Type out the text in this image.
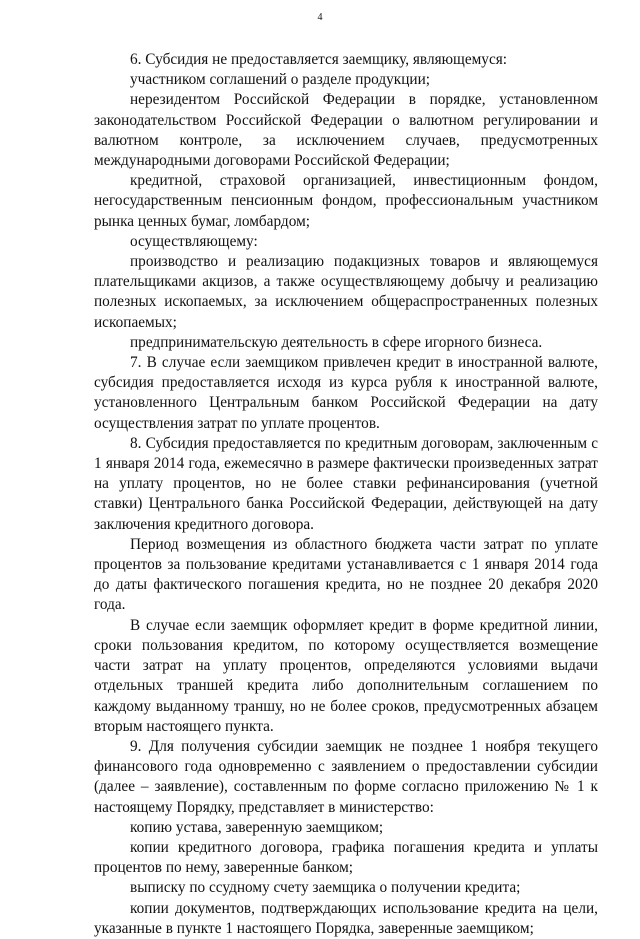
4

6. Субсидия не предоставляется заемщику, являющемуся:

участником соглашений о разделе продукции;

нерезидентом Российской Федерации в порядке, установленном законодательством Российской Федерации о валютном регулировании и валютном контроле, за исключением случаев, предусмотренных международными договорами Российской Федерации;

кредитной, страховой организацией, инвестиционным фондом, негосударственным пенсионным фондом, профессиональным участником рынка ценных бумаг, ломбардом;

осуществляющему:

производство и реализацию подакцизных товаров и являющемуся плательщиками акцизов, а также осуществляющему добычу и реализацию полезных ископаемых, за исключением общераспространенных полезных ископаемых;

предпринимательскую деятельность в сфере игорного бизнеса.

7. В случае если заемщиком привлечен кредит в иностранной валюте, субсидия предоставляется исходя из курса рубля к иностранной валюте, установленного Центральным банком Российской Федерации на дату осуществления затрат по уплате процентов.

8. Субсидия предоставляется по кредитным договорам, заключенным с 1 января 2014 года, ежемесячно в размере фактически произведенных затрат на уплату процентов, но не более ставки рефинансирования (учетной ставки) Центрального банка Российской Федерации, действующей на дату заключения кредитного договора.

Период возмещения из областного бюджета части затрат по уплате процентов за пользование кредитами устанавливается с 1 января 2014 года до даты фактического погашения кредита, но не позднее 20 декабря 2020 года.

В случае если заемщик оформляет кредит в форме кредитной линии, сроки пользования кредитом, по которому осуществляется возмещение части затрат на уплату процентов, определяются условиями выдачи отдельных траншей кредита либо дополнительным соглашением по каждому выданному траншу, но не более сроков, предусмотренных абзацем вторым настоящего пункта.

9. Для получения субсидии заемщик не позднее 1 ноября текущего финансового года одновременно с заявлением о предоставлении субсидии (далее – заявление), составленным по форме согласно приложению № 1 к настоящему Порядку, представляет в министерство:

копию устава, заверенную заемщиком;

копии кредитного договора, графика погашения кредита и уплаты процентов по нему, заверенные банком;

выписку по ссудному счету заемщика о получении кредита;

копии документов, подтверждающих использование кредита на цели, указанные в пункте 1 настоящего Порядка, заверенные заемщиком;
